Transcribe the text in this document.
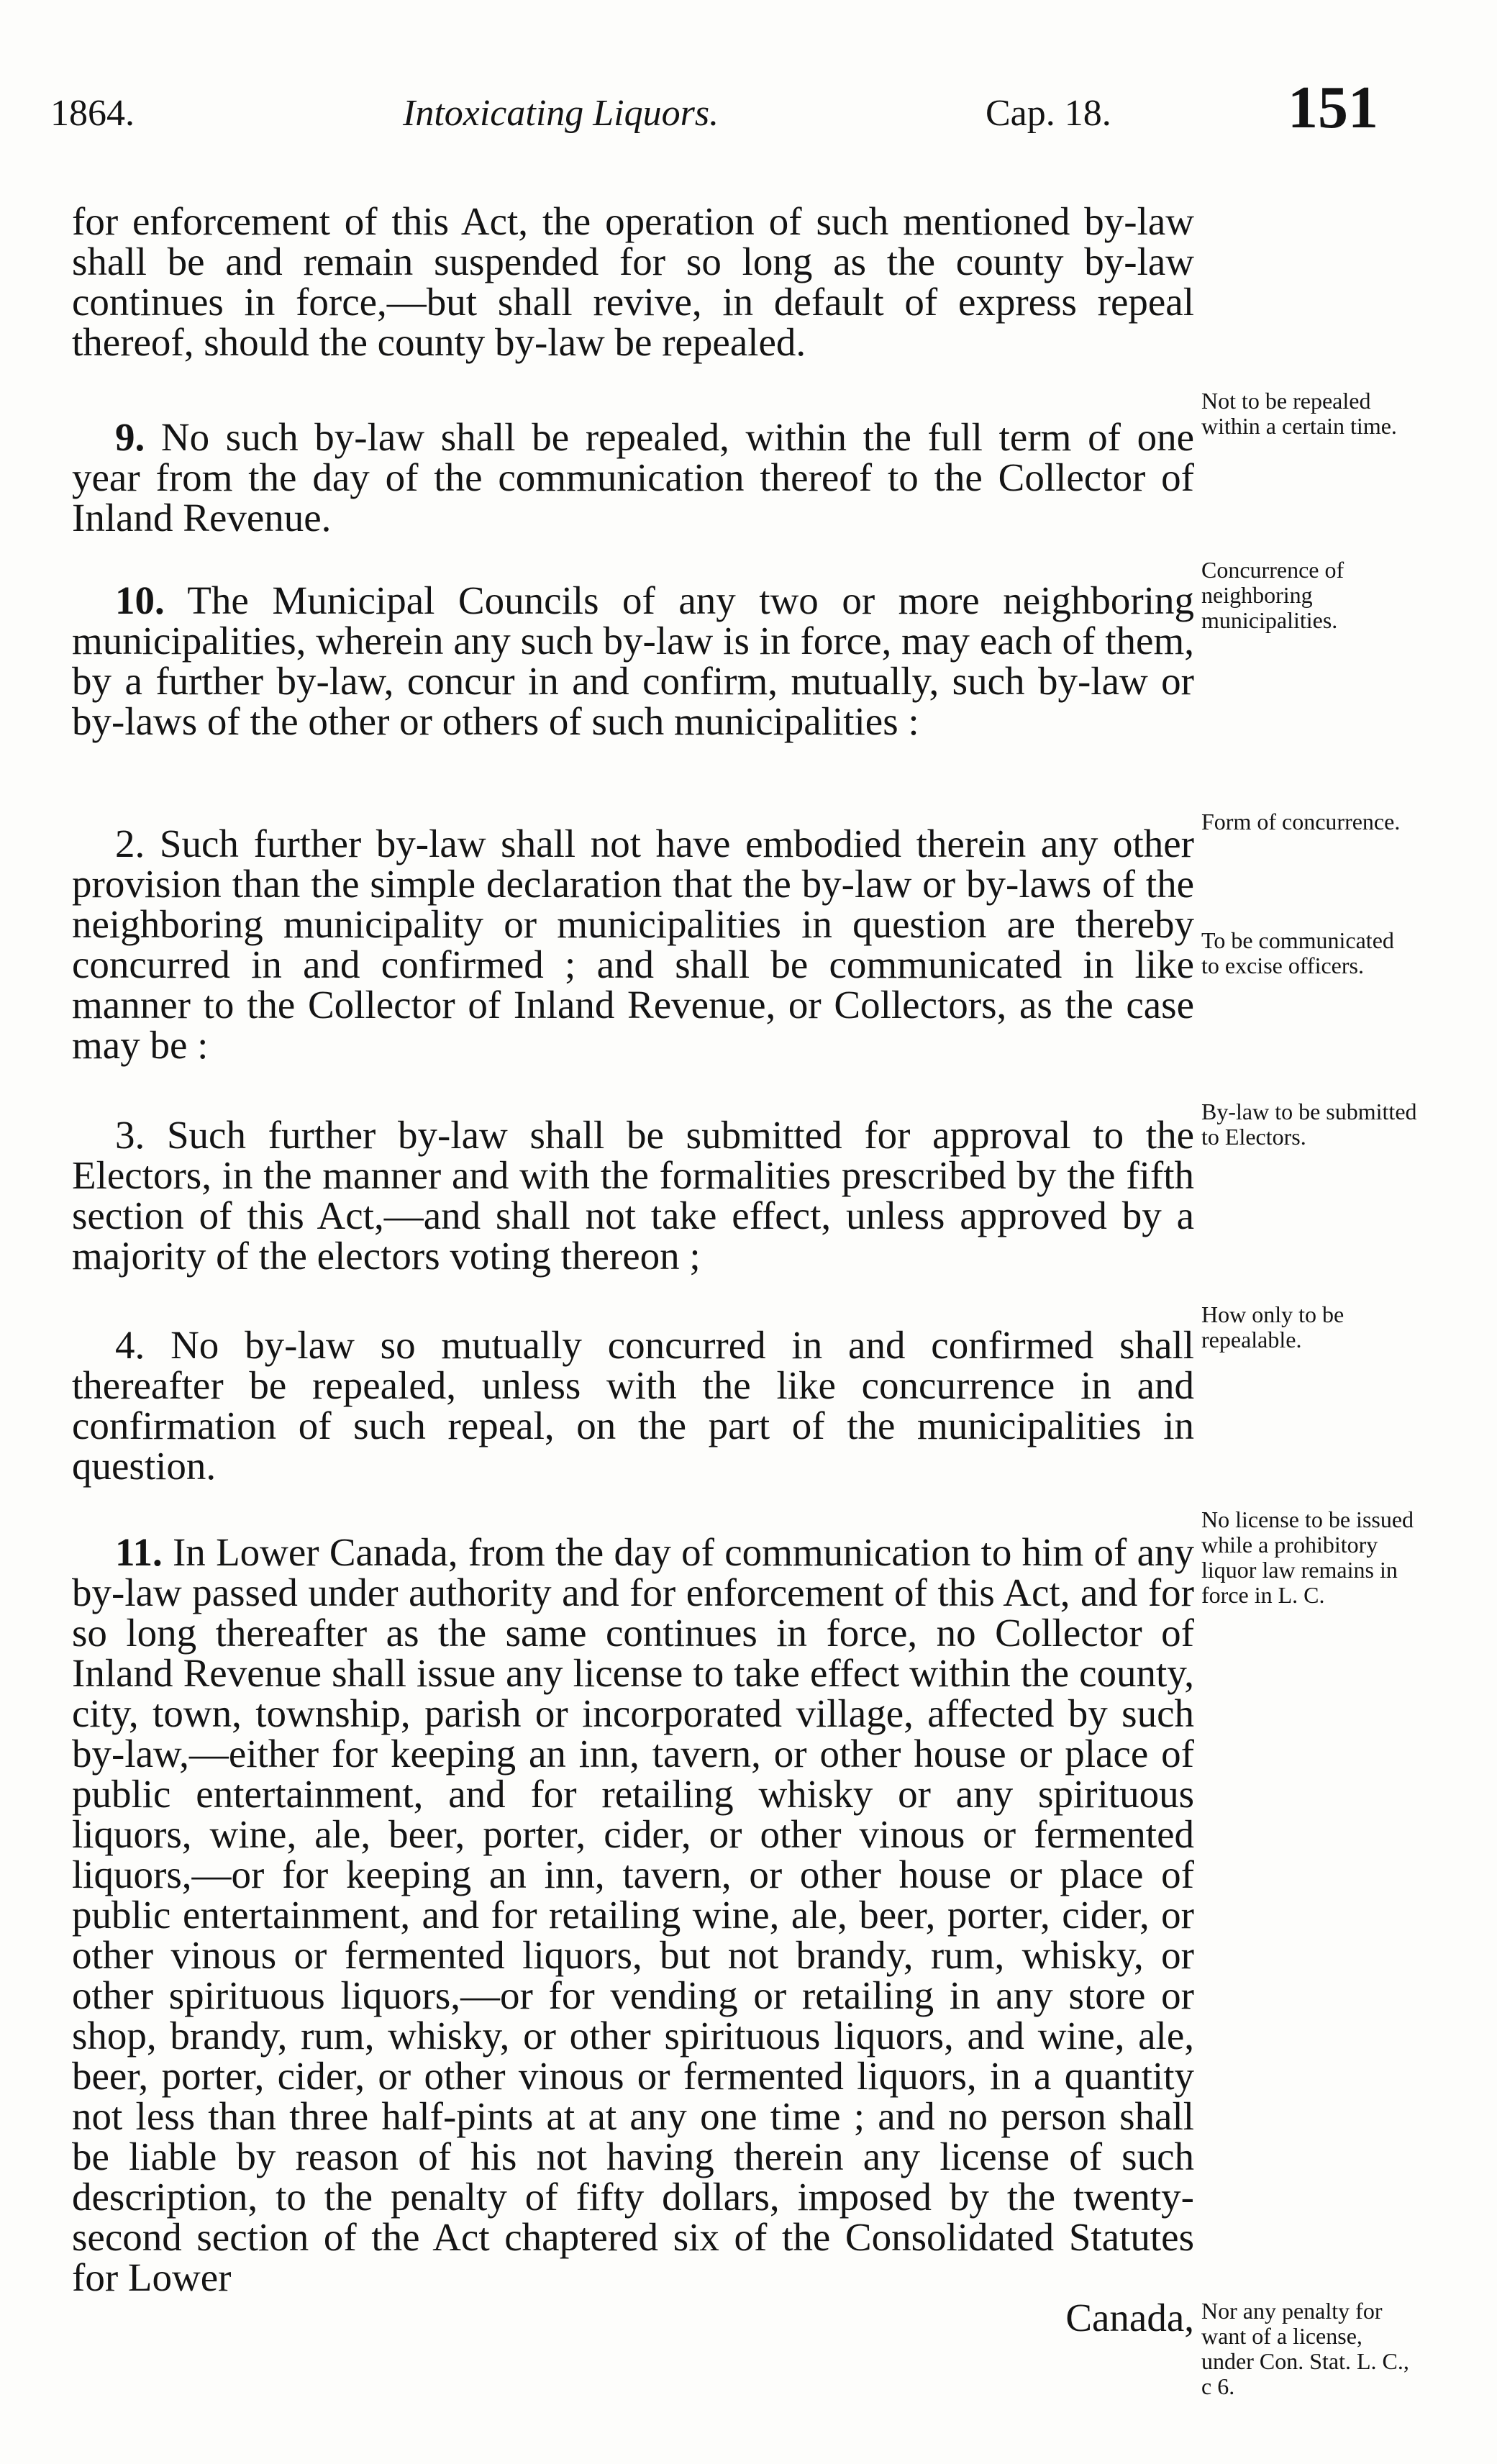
1864.	Intoxicating Liquors.	Cap. 18.	151

for enforcement of this Act, the operation of such mentioned by-law shall be and remain suspended for so long as the county by-law continues in force,—but shall revive, in default of express repeal thereof, should the county by-law be repealed.

9. No such by-law shall be repealed, within the full term of one year from the day of the communication thereof to the Collector of Inland Revenue.

10. The Municipal Councils of any two or more neighboring municipalities, wherein any such by-law is in force, may each of them, by a further by-law, concur in and confirm, mutually, such by-law or by-laws of the other or others of such municipalities :

2. Such further by-law shall not have embodied therein any other provision than the simple declaration that the by-law or by-laws of the neighboring municipality or municipalities in question are thereby concurred in and confirmed ; and shall be communicated in like manner to the Collector of Inland Revenue, or Collectors, as the case may be :

3. Such further by-law shall be submitted for approval to the Electors, in the manner and with the formalities prescribed by the fifth section of this Act,—and shall not take effect, unless approved by a majority of the electors voting thereon ;

4. No by-law so mutually concurred in and confirmed shall thereafter be repealed, unless with the like concurrence in and confirmation of such repeal, on the part of the municipalities in question.

11. In Lower Canada, from the day of communication to him of any by-law passed under authority and for enforcement of this Act, and for so long thereafter as the same continues in force, no Collector of Inland Revenue shall issue any license to take effect within the county, city, town, township, parish or incorporated village, affected by such by-law,—either for keeping an inn, tavern, or other house or place of public entertainment, and for retailing whisky or any spirituous liquors, wine, ale, beer, porter, cider, or other vinous or fermented liquors,—or for keeping an inn, tavern, or other house or place of public entertainment, and for retailing wine, ale, beer, porter, cider, or other vinous or fermented liquors, but not brandy, rum, whisky, or other spirituous liquors,—or for vending or retailing in any store or shop, brandy, rum, whisky, or other spirituous liquors, and wine, ale, beer, porter, cider, or other vinous or fermented liquors, in a quantity not less than three half-pints at at any one time ; and no person shall be liable by reason of his not having therein any license of such description, to the penalty of fifty dollars, imposed by the twenty-second section of the Act chaptered six of the Consolidated Statutes for Lower
Canada,

Not to be repealed within a certain time.
Concurrence of neighboring municipalities.
Form of concurrence.
To be communicated to excise officers.
By-law to be submitted to Electors.
How only to be repealable.
No license to be issued while a prohibitory liquor law remains in force in L. C.
Nor any penalty for want of a license, under Con. Stat. L. C., c 6.
